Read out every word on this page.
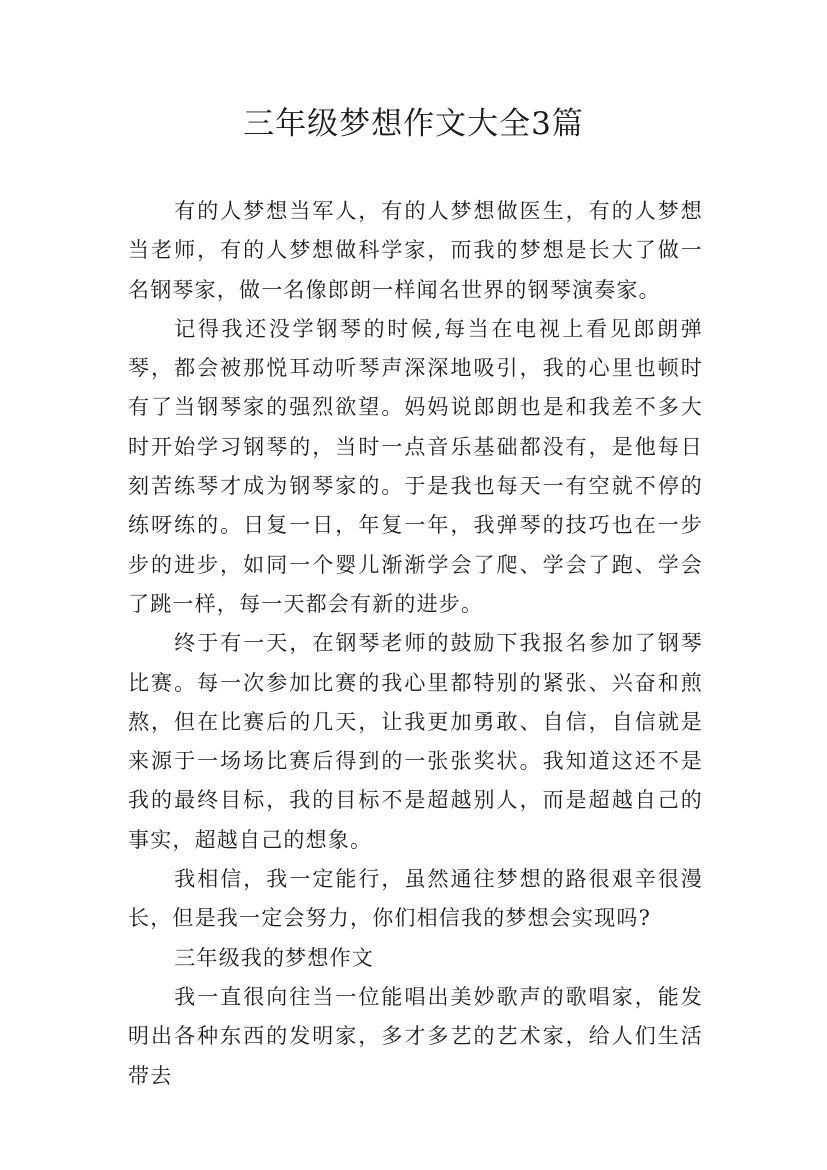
三年级梦想作文大全3篇

有的人梦想当军人，有的人梦想做医生，有的人梦想当老师，有的人梦想做科学家，而我的梦想是长大了做一名钢琴家，做一名像郎朗一样闻名世界的钢琴演奏家。

记得我还没学钢琴的时候,每当在电视上看见郎朗弹琴，都会被那悦耳动听琴声深深地吸引，我的心里也顿时有了当钢琴家的强烈欲望。妈妈说郎朗也是和我差不多大时开始学习钢琴的，当时一点音乐基础都没有，是他每日刻苦练琴才成为钢琴家的。于是我也每天一有空就不停的练呀练的。日复一日，年复一年，我弹琴的技巧也在一步步的进步，如同一个婴儿渐渐学会了爬、学会了跑、学会了跳一样，每一天都会有新的进步。

终于有一天，在钢琴老师的鼓励下我报名参加了钢琴比赛。每一次参加比赛的我心里都特别的紧张、兴奋和煎熬，但在比赛后的几天，让我更加勇敢、自信，自信就是来源于一场场比赛后得到的一张张奖状。我知道这还不是我的最终目标，我的目标不是超越别人，而是超越自己的事实，超越自己的想象。

我相信，我一定能行，虽然通往梦想的路很艰辛很漫长，但是我一定会努力，你们相信我的梦想会实现吗?

三年级我的梦想作文

我一直很向往当一位能唱出美妙歌声的歌唱家，能发明出各种东西的发明家，多才多艺的艺术家，给人们生活带去
